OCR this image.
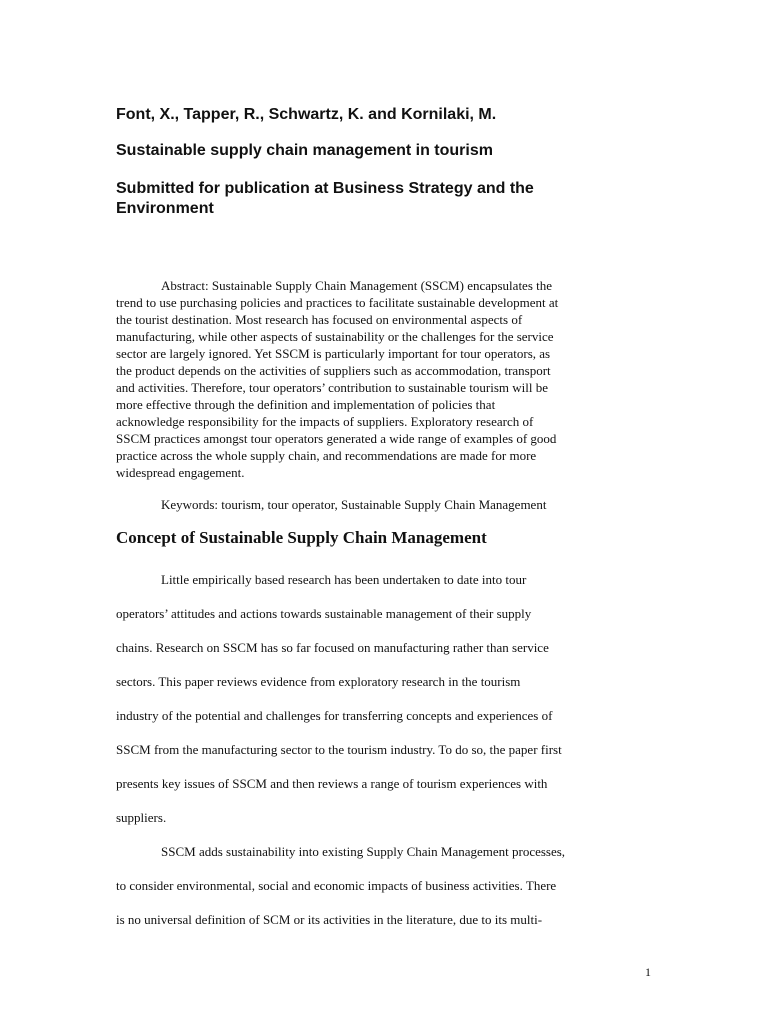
Font, X., Tapper, R., Schwartz, K. and Kornilaki, M.
Sustainable supply chain management in tourism
Submitted for publication at Business Strategy and the
Environment

Abstract: Sustainable Supply Chain Management (SSCM) encapsulates the
trend to use purchasing policies and practices to facilitate sustainable development at
the tourist destination. Most research has focused on environmental aspects of
manufacturing, while other aspects of sustainability or the challenges for the service
sector are largely ignored. Yet SSCM is particularly important for tour operators, as
the product depends on the activities of suppliers such as accommodation, transport
and activities. Therefore, tour operators’ contribution to sustainable tourism will be
more effective through the definition and implementation of policies that
acknowledge responsibility for the impacts of suppliers. Exploratory research of
SSCM practices amongst tour operators generated a wide range of examples of good
practice across the whole supply chain, and recommendations are made for more
widespread engagement.

Keywords: tourism, tour operator, Sustainable Supply Chain Management

Concept of Sustainable Supply Chain Management

Little empirically based research has been undertaken to date into tour
operators’ attitudes and actions towards sustainable management of their supply
chains. Research on SSCM has so far focused on manufacturing rather than service
sectors. This paper reviews evidence from exploratory research in the tourism
industry of the potential and challenges for transferring concepts and experiences of
SSCM from the manufacturing sector to the tourism industry. To do so, the paper first
presents key issues of SSCM and then reviews a range of tourism experiences with
suppliers.

SSCM adds sustainability into existing Supply Chain Management processes,
to consider environmental, social and economic impacts of business activities. There
is no universal definition of SCM or its activities in the literature, due to its multi-

1
